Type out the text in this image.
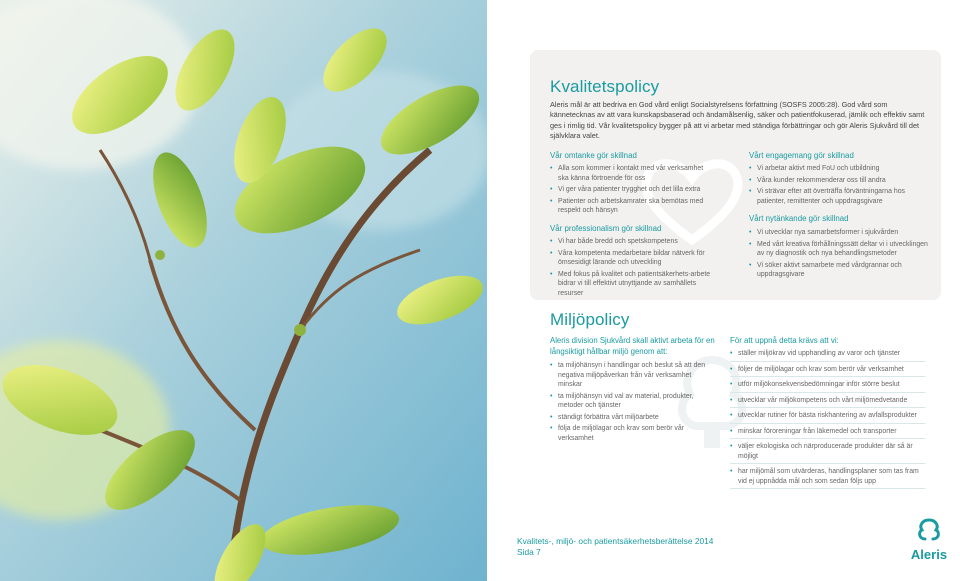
Kvalitetspolicy

Aleris mål är att bedriva en God vård enligt Socialstyrelsens författning (SOSFS 2005:28). God vård som kännetecknas av att vara kunskapsbaserad och ändamålsenlig, säker och patientfokuserad, jämlik och effektiv samt ges i rimlig tid. Vår kvalitetspolicy bygger på att vi arbetar med ständiga förbättringar och gör Aleris Sjukvård till det självklara valet.

Vår omtanke gör skillnad
• Alla som kommer i kontakt med vår verksamhet ska känna förtroende för oss
• Vi ger våra patienter trygghet och det lilla extra
• Patienter och arbetskamrater ska bemötas med respekt och hänsyn
Vår professionalism gör skillnad
• Vi har både bredd och spetskompetens
• Våra kompetenta medarbetare bildar nätverk för ömsesidigt lärande och utveckling
• Med fokus på kvalitet och patientsäkerhets-arbete bidrar vi till effektivt utnyttjande av samhällets resurser
Vårt engagemang gör skillnad
• Vi arbetar aktivt med FoU och utbildning
• Våra kunder rekommenderar oss till andra
• Vi strävar efter att överträffa förväntningarna hos patienter, remittenter och uppdragsgivare
Vårt nytänkande gör skillnad
• Vi utvecklar nya samarbetsformer i sjukvården
• Med vårt kreativa förhållningssätt deltar vi i utvecklingen av ny diagnostik och nya behandlingsmetoder
• Vi söker aktivt samarbete med vårdgrannar och uppdragsgivare
Miljöpolicy

Aleris division Sjukvård skall aktivt arbeta för en långsiktigt hållbar miljö genom att:

• ta miljöhänsyn i handlingar och beslut så att den negativa miljöpåverkan från vår verksamhet minskar
• ta miljöhänsyn vid val av material, produkter, metoder och tjänster
• ständigt förbättra vårt miljöarbete
• följa de miljölagar och krav som berör vår verksamhet
För att uppnå detta krävs att vi:
• ställer miljökrav vid upphandling av varor och tjänster
• följer de miljölagar och krav som berör vår verksamhet
• utför miljökonsekvensbedömningar inför större beslut
• utvecklar vår miljökompetens och vårt miljömedvetande
• utvecklar rutiner för bästa riskhantering av avfallsprodukter
• minskar föroreningar från läkemedel och transporter
• väljer ekologiska och närproducerade produkter där så är möjligt
• har miljömål som utvärderas, handlingsplaner som tas fram vid ej uppnådda mål och som sedan följs upp
Kvalitets-, miljö- och patientsäkerhetsberättelse 2014
Sida 7	Aleris
